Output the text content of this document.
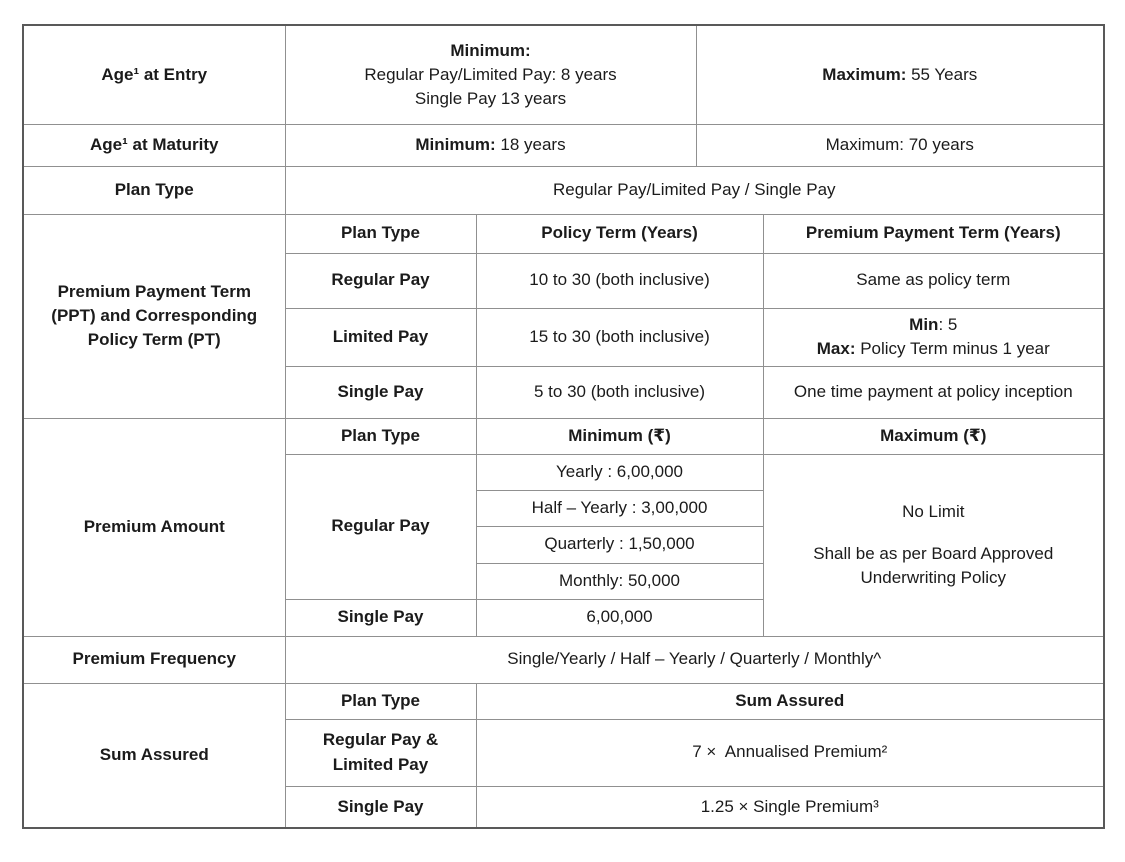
Age¹ at Entry	Minimum:
Regular Pay/Limited Pay: 8 years
Single Pay 13 years		Maximum: 55 Years	
Age¹ at Maturity	Minimum: 18 years		Maximum: 70 years	
Plan Type	Regular Pay/Limited Pay / Single Pay			

Premium Payment Term (PPT) and Corresponding Policy Term (PT)	Plan Type	Policy Term (Years)		Premium Payment Term (Years)
	Regular Pay	10 to 30 (both inclusive)		Same as policy term
	Limited Pay	15 to 30 (both inclusive)		Min: 5
Max: Policy Term minus 1 year

	Single Pay	5 to 30 (both inclusive)		One time payment at policy inception
Premium Amount	Plan Type	Minimum (₹)		Maximum (₹)
	Regular Pay	Yearly : 6,00,000		No Limit
Shall be as per Board Approved Underwriting Policy

		Half – Yearly : 3,00,000		
		Quarterly : 1,50,000		
		Monthly: 50,000		
	Single Pay	6,00,000		
Premium Frequency	Single/Yearly / Half – Yearly / Quarterly / Monthly^			
Sum Assured	Plan Type	Sum Assured		
	Regular Pay & Limited Pay	7 ×  Annualised Premium²		
	Single Pay	1.25 × Single Premium³		
